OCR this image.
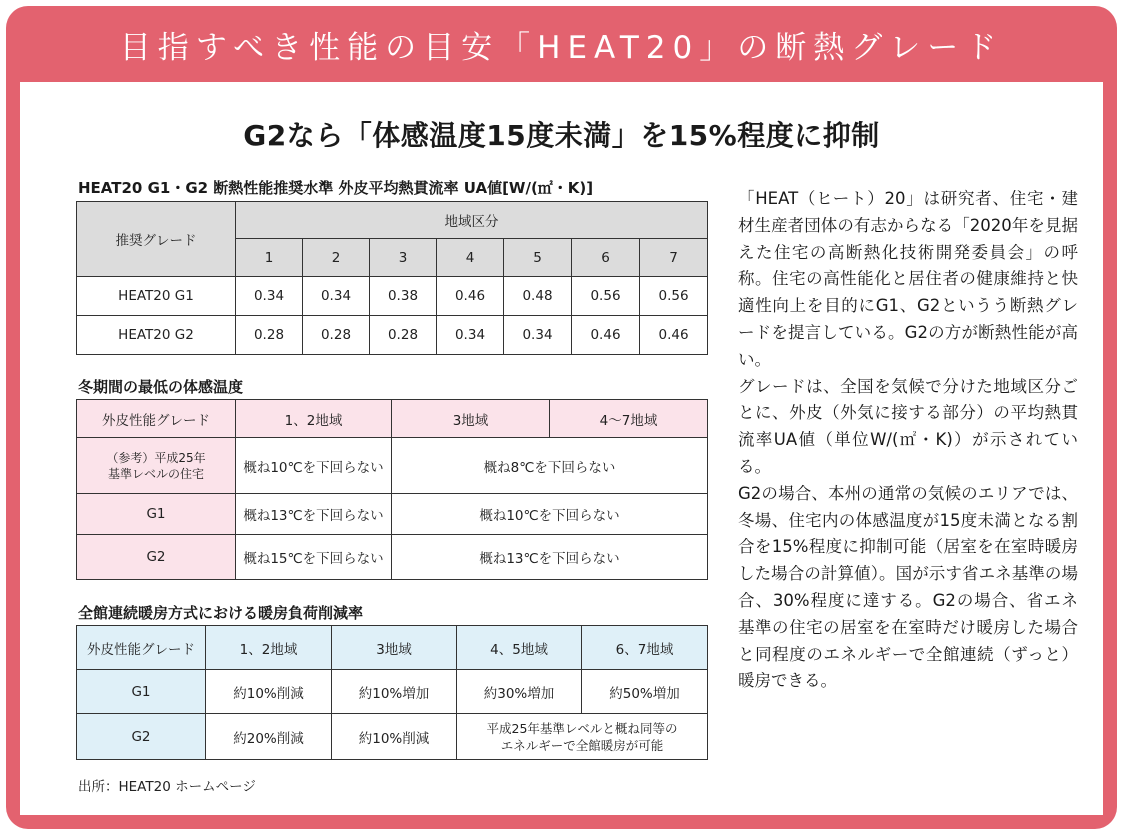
目指すべき性能の目安「HEAT20」の断熱グレード
G2なら「体感温度15度未満」を15%程度に抑制
HEAT20 G1・G2 断熱性能推奨水準 外皮平均熱貫流率 UA値[W/(㎡・K)]
推奨グレード	地域区分						
	1	2	3	4	5	6	7
HEAT20 G1	0.34	0.34	0.38	0.46	0.48	0.56	0.56
HEAT20 G2	0.28	0.28	0.28	0.34	0.34	0.46	0.46
冬期間の最低の体感温度
外皮性能グレード	1、2地域	3地域	4～7地域
（参考）平成25年
基準レベルの住宅	概ね10℃を下回らない	概ね8℃を下回らない	
G1	概ね13℃を下回らない	概ね10℃を下回らない	
G2	概ね15℃を下回らない	概ね13℃を下回らない	
全館連続暖房方式における暖房負荷削減率
外皮性能グレード	1、2地域	3地域	4、5地域	6、7地域
G1	約10%削減	約10%増加	約30%増加	約50%増加
G2	約20%削減	約10%削減	平成25年基準レベルと概ね同等の
エネルギーで全館暖房が可能	
出所：HEAT20 ホームページ

「HEAT（ヒート）20」は研究者、住宅・建材生産者団体の有志からなる「2020年を見据えた住宅の高断熱化技術開発委員会」の呼称。住宅の高性能化と居住者の健康維持と快適性向上を目的にG1、G2というう断熱グレードを提言している。G2の方が断熱性能が高い。

グレードは、全国を気候で分けた地域区分ごとに、外皮（外気に接する部分）の平均熱貫流率UA値（単位W/(㎡・K)）が示されている。

G2の場合、本州の通常の気候のエリアでは、冬場、住宅内の体感温度が15度未満となる割合を15%程度に抑制可能（居室を在室時暖房した場合の計算値）。国が示す省エネ基準の場合、30%程度に達する。G2の場合、省エネ基準の住宅の居室を在室時だけ暖房した場合と同程度のエネルギーで全館連続（ずっと）暖房できる。
